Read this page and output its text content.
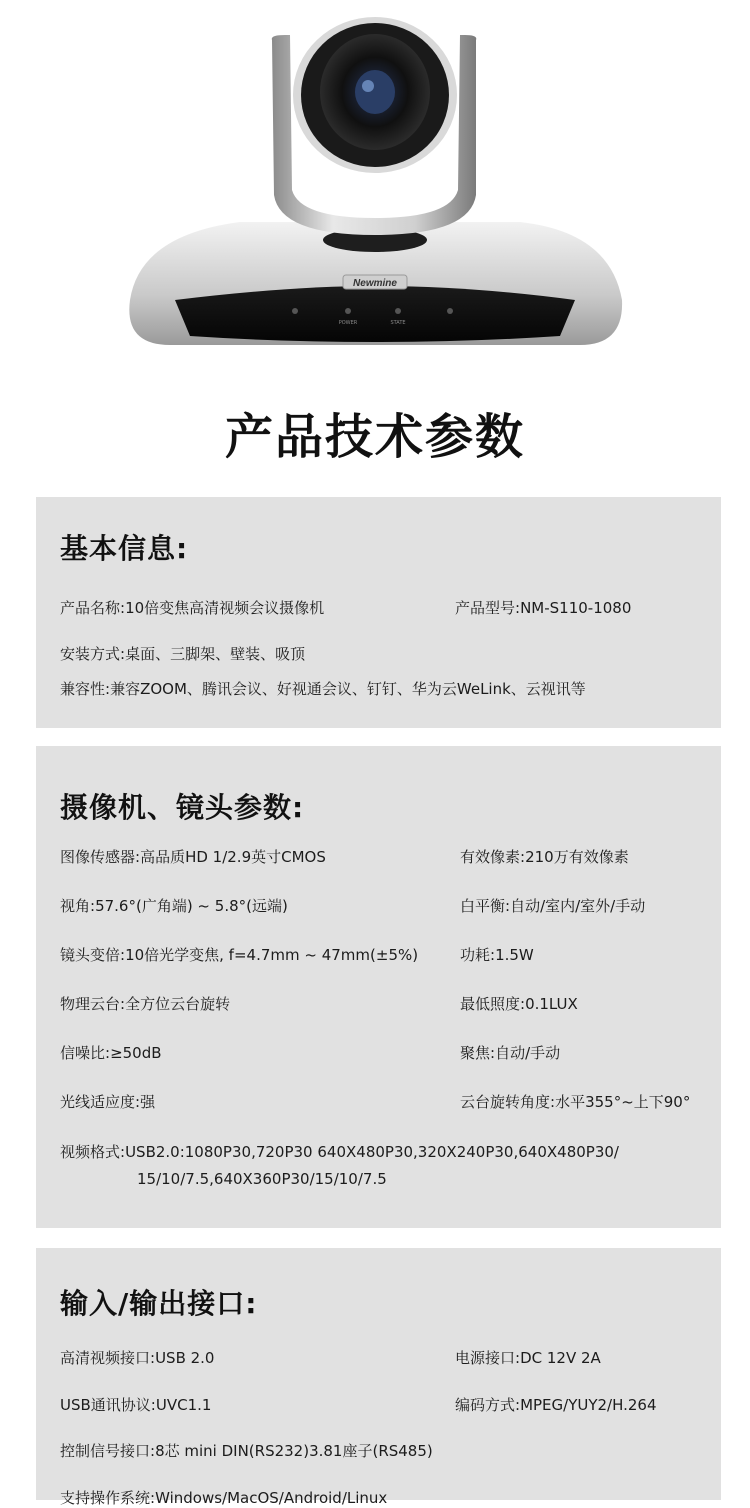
Newmine
POWER	STATE
产品技术参数
基本信息:
产品名称:10倍变焦高清视频会议摄像机	产品型号:NM-S110-1080
安装方式:桌面、三脚架、壁装、吸顶
兼容性:兼容ZOOM、腾讯会议、好视通会议、钉钉、华为云WeLink、云视讯等
摄像机、镜头参数:
图像传感器:高品质HD 1/2.9英寸CMOS	有效像素:210万有效像素
视角:57.6°(广角端) ~ 5.8°(远端)	白平衡:自动/室内/室外/手动
镜头变倍:10倍光学变焦, f=4.7mm ~ 47mm(±5%)	功耗:1.5W
物理云台:全方位云台旋转	最低照度:0.1LUX
信噪比:≥50dB	聚焦:自动/手动
光线适应度:强	云台旋转角度:水平355°~上下90°
视频格式:USB2.0:1080P30,720P30 640X480P30,320X240P30,640X480P30/
15/10/7.5,640X360P30/15/10/7.5
输入/输出接口:
高清视频接口:USB 2.0	电源接口:DC 12V 2A
USB通讯协议:UVC1.1	编码方式:MPEG/YUY2/H.264
控制信号接口:8芯 mini DIN(RS232)3.81座子(RS485)
支持操作系统:Windows/MacOS/Android/Linux
